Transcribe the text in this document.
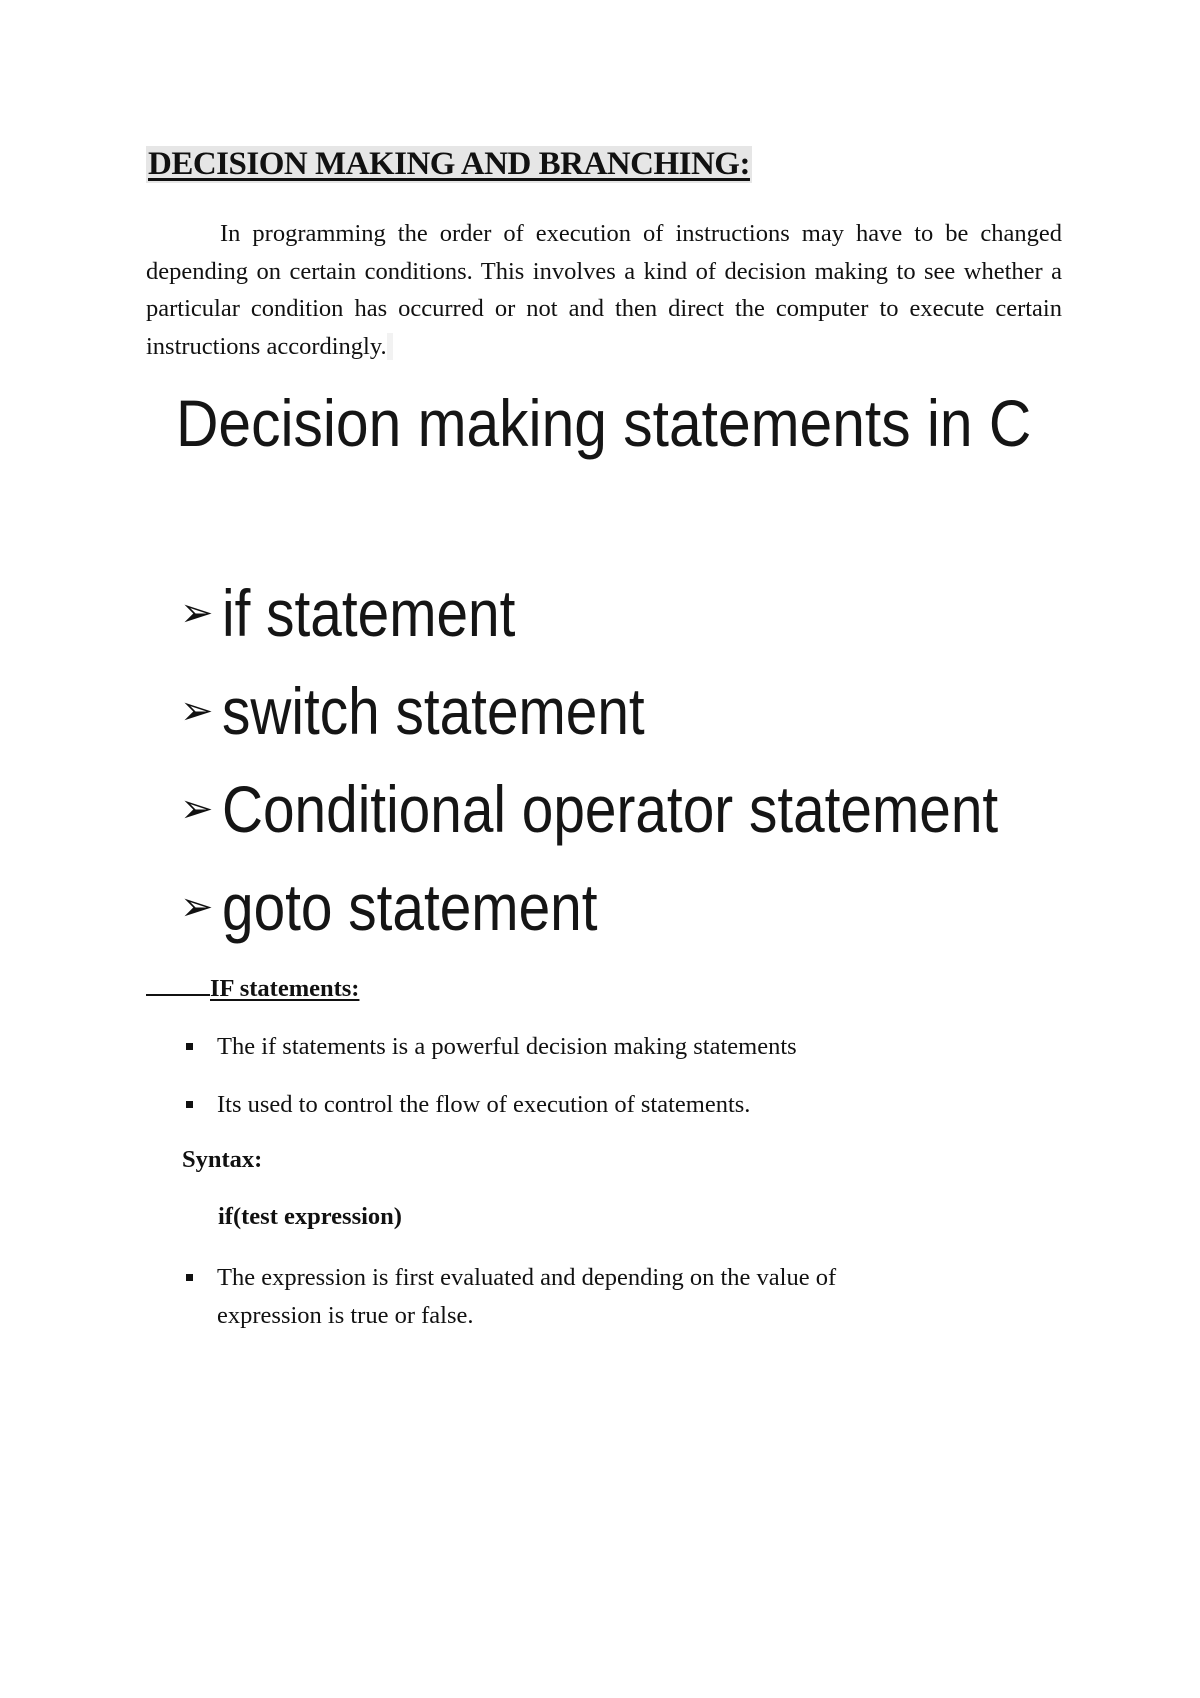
DECISION MAKING AND BRANCHING:

In programming the order of execution of instructions may have to be changed depending on certain conditions. This involves a kind of decision making to see whether a particular condition has occurred or not and then direct the computer to execute certain instructions accordingly.

Decision making statements in C
➢ if statement
➢ switch statement
➢ Conditional operator statement
➢ goto statement
IF statements:
The if statements is a powerful decision making statements
Its used to control the flow of execution of statements.

Syntax:

if(test expression)

The expression is first evaluated and depending on the value of expression is true or false.
